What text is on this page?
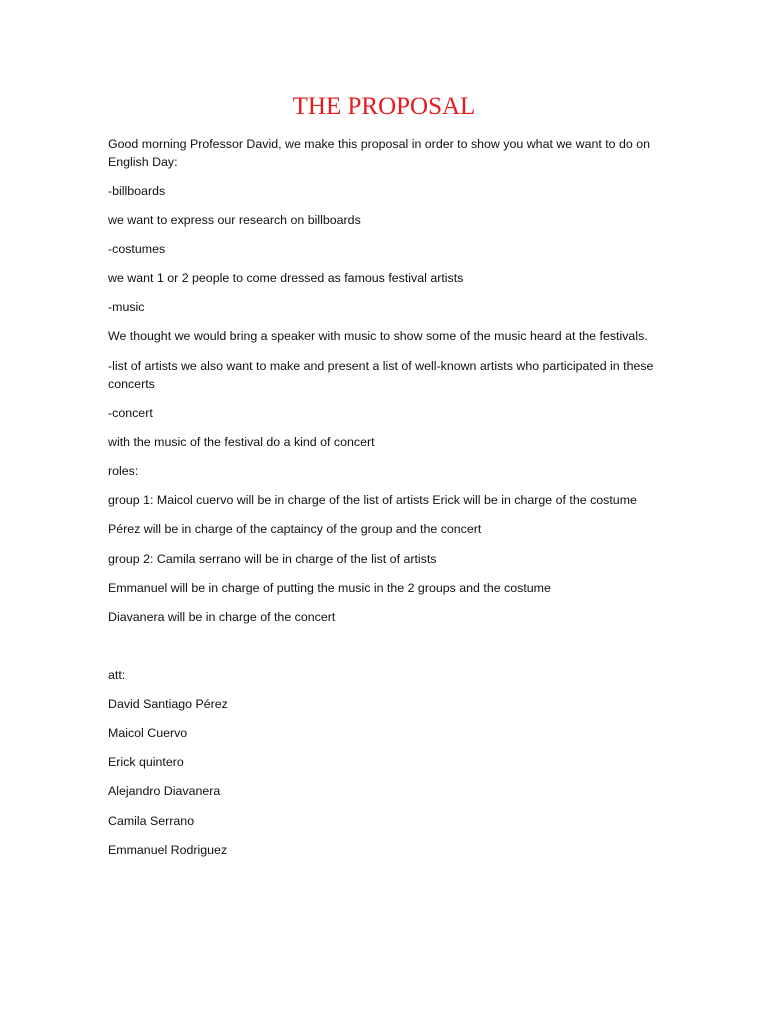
THE PROPOSAL

Good morning Professor David, we make this proposal in order to show you what we want to do on English Day:

-billboards

we want to express our research on billboards

-costumes

we want 1 or 2 people to come dressed as famous festival artists

-music

We thought we would bring a speaker with music to show some of the music heard at the festivals.

-list of artists we also want to make and present a list of well-known artists who participated in these concerts

-concert

with the music of the festival do a kind of concert

roles:

group 1: Maicol cuervo will be in charge of the list of artists Erick will be in charge of the costume

Pérez will be in charge of the captaincy of the group and the concert

group 2: Camila serrano will be in charge of the list of artists

Emmanuel will be in charge of putting the music in the 2 groups and the costume

Diavanera will be in charge of the concert

att:

David Santiago Pérez

Maicol Cuervo

Erick quintero

Alejandro Diavanera

Camila Serrano

Emmanuel Rodriguez
